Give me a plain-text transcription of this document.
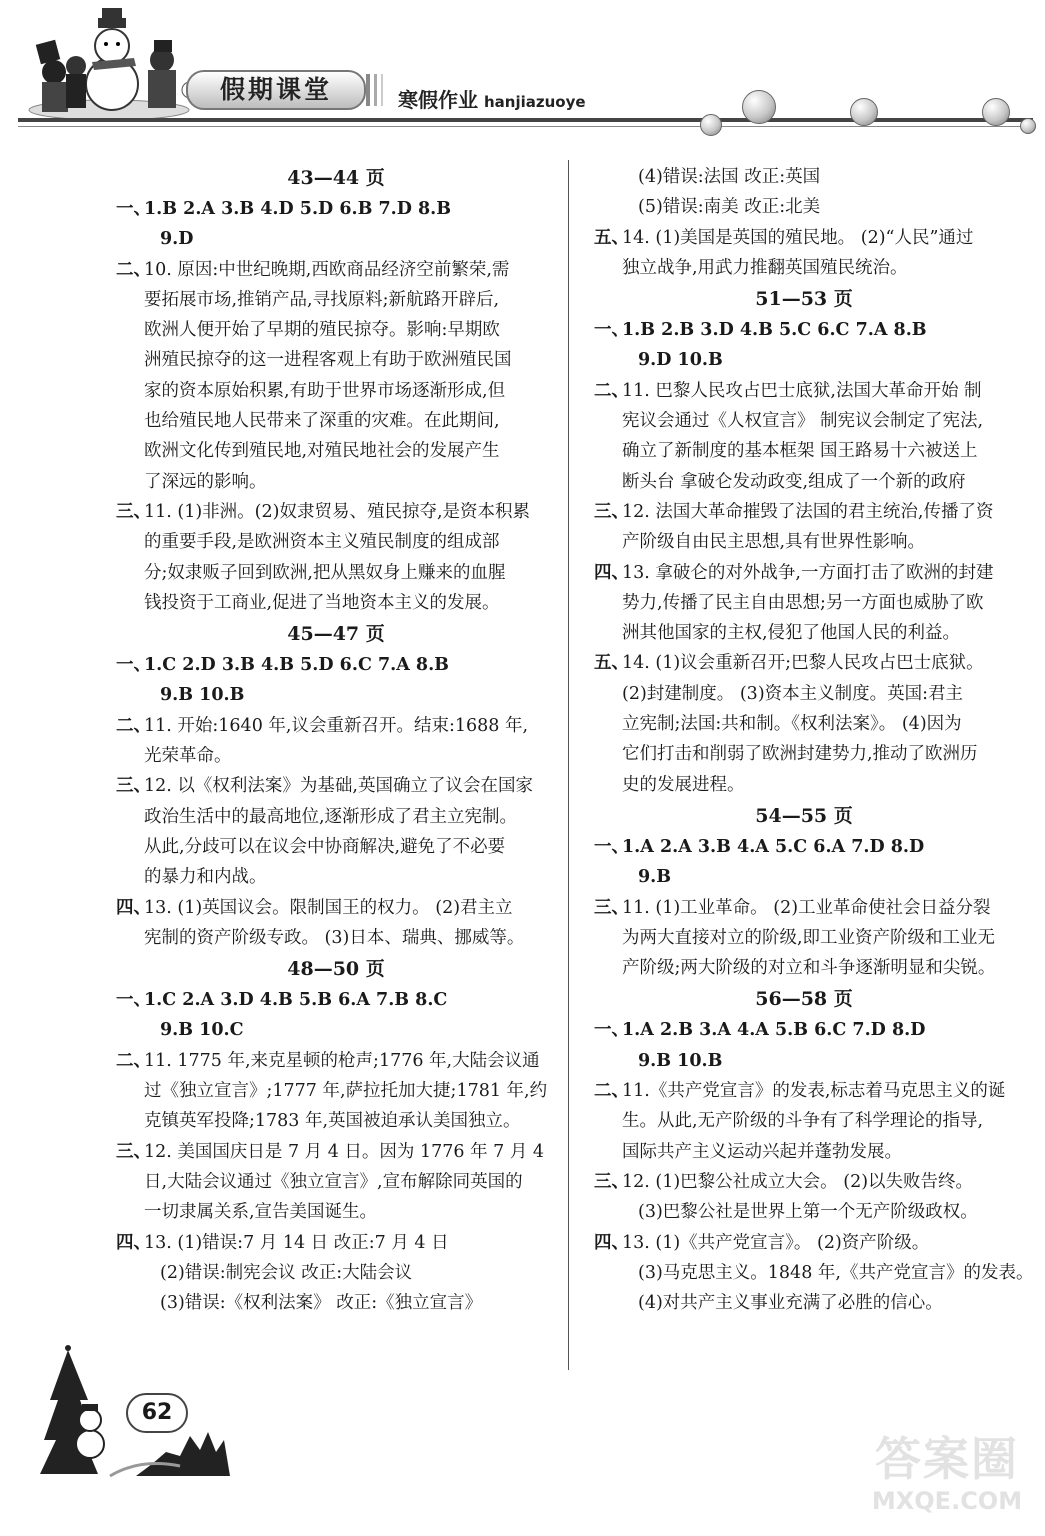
假期课堂	寒假作业 hanjiazuoye
43—44 页
一、
1.B 2.A 3.B 4.D 5.D 6.B 7.D 8.B
9.D
二、
10. 原因:中世纪晚期,西欧商品经济空前繁荣,需
要拓展市场,推销产品,寻找原料;新航路开辟后,
欧洲人便开始了早期的殖民掠夺。影响:早期欧
洲殖民掠夺的这一进程客观上有助于欧洲殖民国
家的资本原始积累,有助于世界市场逐渐形成,但
也给殖民地人民带来了深重的灾难。在此期间,
欧洲文化传到殖民地,对殖民地社会的发展产生
了深远的影响。
三、
11. (1)非洲。(2)奴隶贸易、殖民掠夺,是资本积累
的重要手段,是欧洲资本主义殖民制度的组成部
分;奴隶贩子回到欧洲,把从黑奴身上赚来的血腥
钱投资于工商业,促进了当地资本主义的发展。
45—47 页
一、
1.C 2.D 3.B 4.B 5.D 6.C 7.A 8.B
9.B 10.B
二、
11. 开始:1640 年,议会重新召开。结束:1688 年,
光荣革命。
三、
12. 以《权利法案》为基础,英国确立了议会在国家
政治生活中的最高地位,逐渐形成了君主立宪制。
从此,分歧可以在议会中协商解决,避免了不必要
的暴力和内战。
四、
13. (1)英国议会。限制国王的权力。 (2)君主立
宪制的资产阶级专政。 (3)日本、瑞典、挪威等。
48—50 页
一、
1.C 2.A 3.D 4.B 5.B 6.A 7.B 8.C
9.B 10.C
二、
11. 1775 年,来克星顿的枪声;1776 年,大陆会议通
过《独立宣言》;1777 年,萨拉托加大捷;1781 年,约
克镇英军投降;1783 年,英国被迫承认美国独立。
三、
12. 美国国庆日是 7 月 4 日。因为 1776 年 7 月 4
日,大陆会议通过《独立宣言》,宣布解除同英国的
一切隶属关系,宣告美国诞生。
四、
13. (1)错误:7 月 14 日 改正:7 月 4 日
(2)错误:制宪会议 改正:大陆会议
(3)错误:《权利法案》 改正:《独立宣言》
(4)错误:法国 改正:英国
(5)错误:南美 改正:北美
五、
14. (1)美国是英国的殖民地。 (2)“人民”通过
独立战争,用武力推翻英国殖民统治。
51—53 页
一、
1.B 2.B 3.D 4.B 5.C 6.C 7.A 8.B
9.D 10.B
二、
11. 巴黎人民攻占巴士底狱,法国大革命开始 制
宪议会通过《人权宣言》 制宪议会制定了宪法,
确立了新制度的基本框架 国王路易十六被送上
断头台 拿破仑发动政变,组成了一个新的政府
三、
12. 法国大革命摧毁了法国的君主统治,传播了资
产阶级自由民主思想,具有世界性影响。
四、
13. 拿破仑的对外战争,一方面打击了欧洲的封建
势力,传播了民主自由思想;另一方面也威胁了欧
洲其他国家的主权,侵犯了他国人民的利益。
五、
14. (1)议会重新召开;巴黎人民攻占巴士底狱。
(2)封建制度。 (3)资本主义制度。英国:君主
立宪制;法国:共和制。《权利法案》。 (4)因为
它们打击和削弱了欧洲封建势力,推动了欧洲历
史的发展进程。
54—55 页
一、
1.A 2.A 3.B 4.A 5.C 6.A 7.D 8.D
9.B
三、
11. (1)工业革命。 (2)工业革命使社会日益分裂
为两大直接对立的阶级,即工业资产阶级和工业无
产阶级;两大阶级的对立和斗争逐渐明显和尖锐。
56—58 页
一、
1.A 2.B 3.A 4.A 5.B 6.C 7.D 8.D
9.B 10.B
二、
11.《共产党宣言》的发表,标志着马克思主义的诞
生。从此,无产阶级的斗争有了科学理论的指导,
国际共产主义运动兴起并蓬勃发展。
三、
12. (1)巴黎公社成立大会。 (2)以失败告终。
(3)巴黎公社是世界上第一个无产阶级政权。
四、
13. (1)《共产党宣言》。 (2)资产阶级。
(3)马克思主义。1848 年,《共产党宣言》的发表。
(4)对共产主义事业充满了必胜的信心。
62
答案圈
MXQE.COM
